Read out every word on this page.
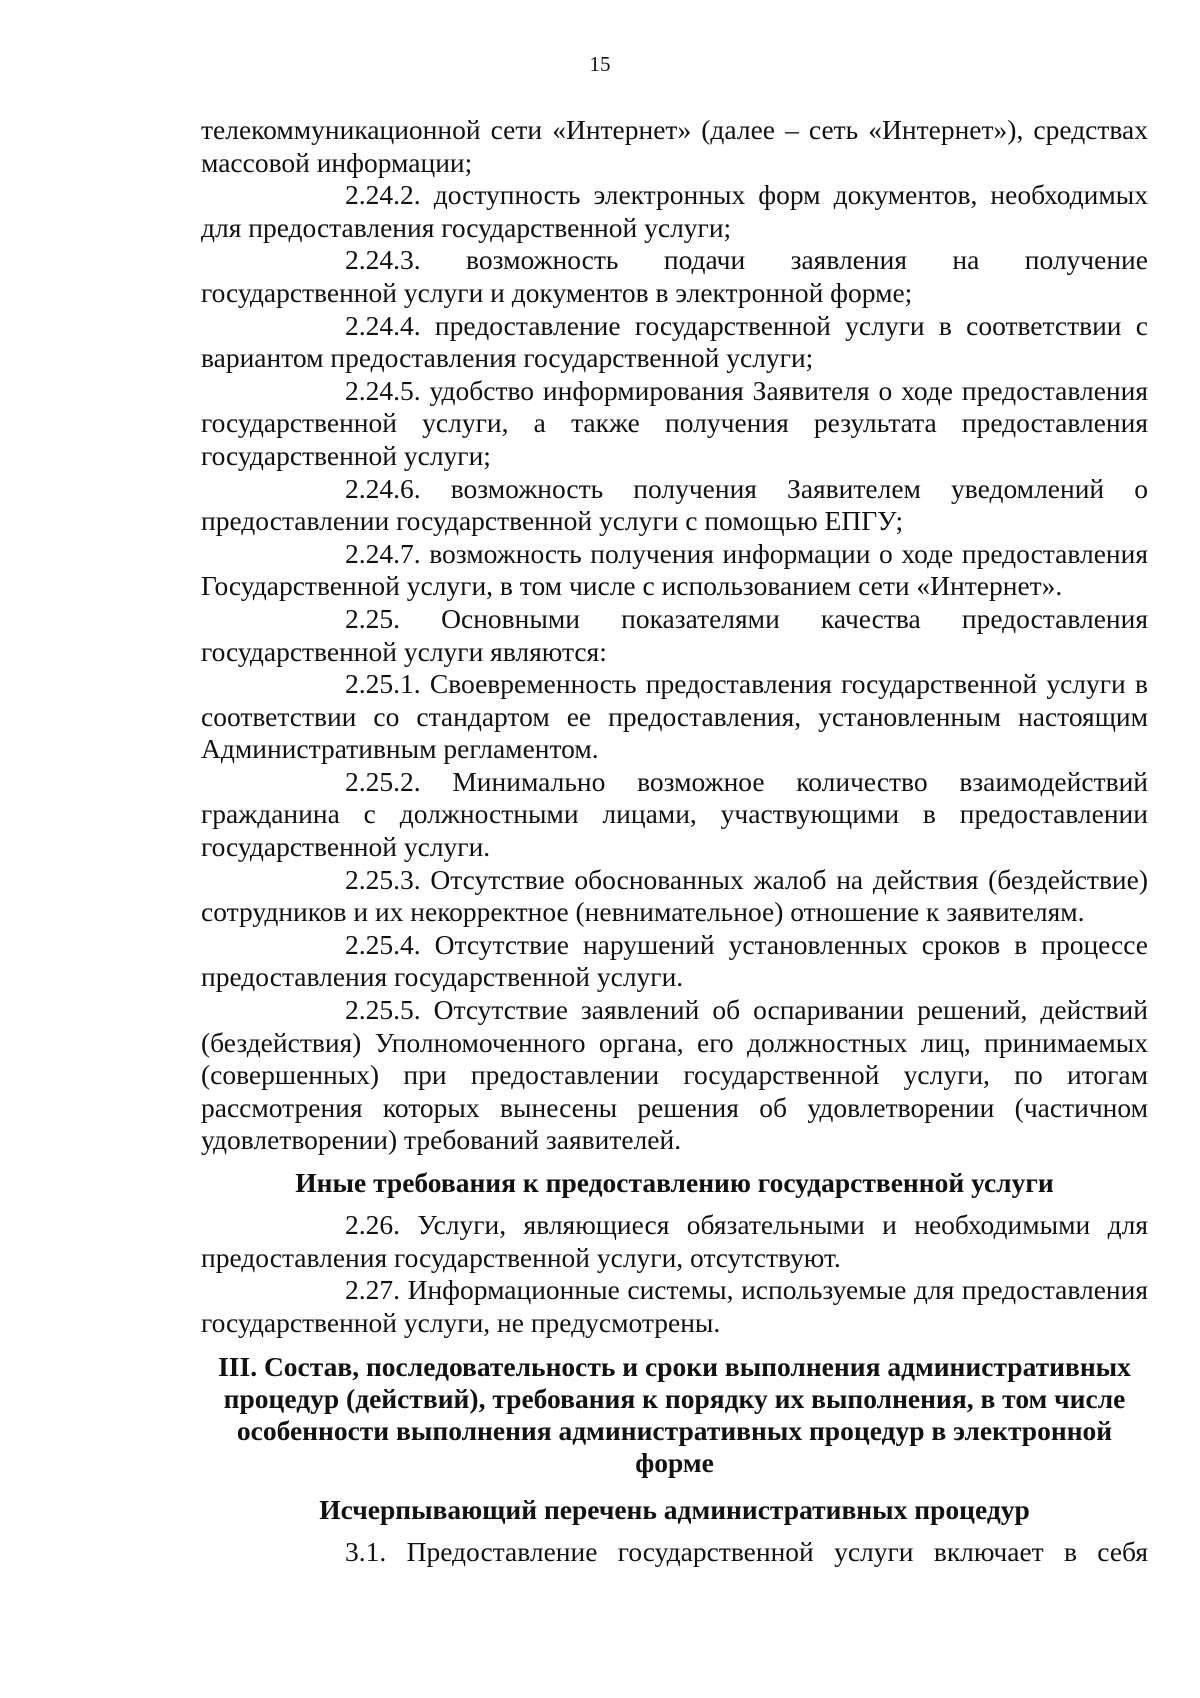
15

телекоммуникационной сети «Интернет» (далее – сеть «Интернет»), средствах массовой информации;

2.24.2. доступность электронных форм документов, необходимых для предоставления государственной услуги;

2.24.3. возможность подачи заявления на получение государственной услуги и документов в электронной форме;

2.24.4. предоставление государственной услуги в соответствии с вариантом предоставления государственной услуги;

2.24.5. удобство информирования Заявителя о ходе предоставления государственной услуги, а также получения результата предоставления государственной услуги;

2.24.6. возможность получения Заявителем уведомлений о предоставлении государственной услуги с помощью ЕПГУ;

2.24.7. возможность получения информации о ходе предоставления Государственной услуги, в том числе с использованием сети «Интернет».

2.25. Основными показателями качества предоставления государственной услуги являются:

2.25.1. Своевременность предоставления государственной услуги в соответствии со стандартом ее предоставления, установленным настоящим Административным регламентом.

2.25.2. Минимально возможное количество взаимодействий гражданина с должностными лицами, участвующими в предоставлении государственной услуги.

2.25.3. Отсутствие обоснованных жалоб на действия (бездействие) сотрудников и их некорректное (невнимательное) отношение к заявителям.

2.25.4. Отсутствие нарушений установленных сроков в процессе предоставления государственной услуги.

2.25.5. Отсутствие заявлений об оспаривании решений, действий (бездействия) Уполномоченного органа, его должностных лиц, принимаемых (совершенных) при предоставлении государственной услуги, по итогам рассмотрения которых вынесены решения об удовлетворении (частичном удовлетворении) требований заявителей.

Иные требования к предоставлению государственной услуги

2.26. Услуги, являющиеся обязательными и необходимыми для предоставления государственной услуги, отсутствуют.

2.27. Информационные системы, используемые для предоставления государственной услуги, не предусмотрены.

III. Состав, последовательность и сроки выполнения административных процедур (действий), требования к порядку их выполнения, в том числе особенности выполнения административных процедур в электронной форме
Исчерпывающий перечень административных процедур

3.1. Предоставление государственной услуги включает в себя
